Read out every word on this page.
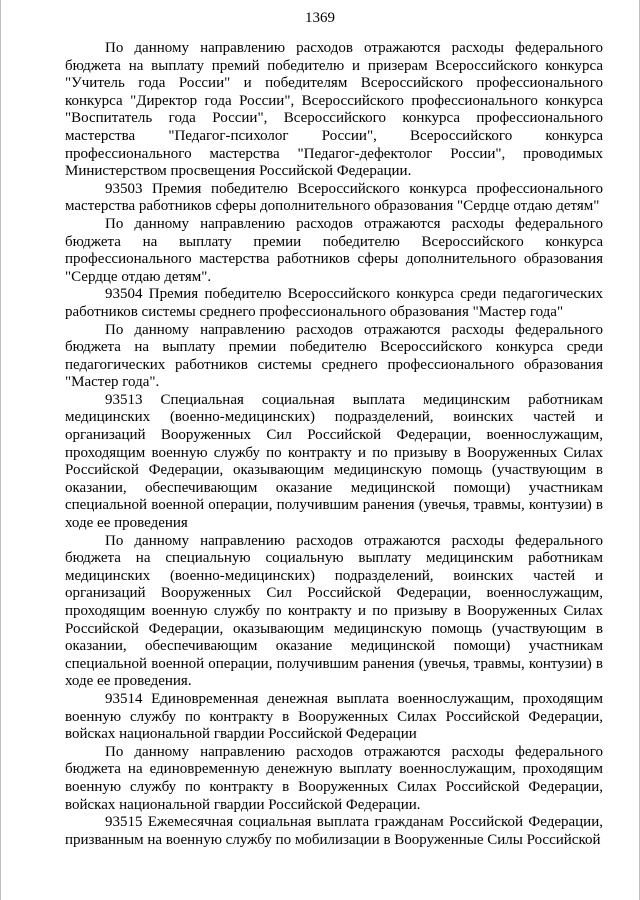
1369

По данному направлению расходов отражаются расходы федерального бюджета на выплату премий победителю и призерам Всероссийского конкурса "Учитель года России" и победителям Всероссийского профессионального конкурса "Директор года России", Всероссийского профессионального конкурса "Воспитатель года России", Всероссийского конкурса профессионального мастерства "Педагог-психолог России", Всероссийского конкурса профессионального мастерства "Педагог-дефектолог России", проводимых Министерством просвещения Российской Федерации.

93503 Премия победителю Всероссийского конкурса профессионального мастерства работников сферы дополнительного образования "Сердце отдаю детям"

По данному направлению расходов отражаются расходы федерального бюджета на выплату премии победителю Всероссийского конкурса профессионального мастерства работников сферы дополнительного образования "Сердце отдаю детям".

93504 Премия победителю Всероссийского конкурса среди педагогических работников системы среднего профессионального образования "Мастер года"

По данному направлению расходов отражаются расходы федерального бюджета на выплату премии победителю Всероссийского конкурса среди педагогических работников системы среднего профессионального образования "Мастер года".

93513 Специальная социальная выплата медицинским работникам медицинских (военно-медицинских) подразделений, воинских частей и организаций Вооруженных Сил Российской Федерации, военнослужащим, проходящим военную службу по контракту и по призыву в Вооруженных Силах Российской Федерации, оказывающим медицинскую помощь (участвующим в оказании, обеспечивающим оказание медицинской помощи) участникам специальной военной операции, получившим ранения (увечья, травмы, контузии) в ходе ее проведения

По данному направлению расходов отражаются расходы федерального бюджета на специальную социальную выплату медицинским работникам медицинских (военно-медицинских) подразделений, воинских частей и организаций Вооруженных Сил Российской Федерации, военнослужащим, проходящим военную службу по контракту и по призыву в Вооруженных Силах Российской Федерации, оказывающим медицинскую помощь (участвующим в оказании, обеспечивающим оказание медицинской помощи) участникам специальной военной операции, получившим ранения (увечья, травмы, контузии) в ходе ее проведения.

93514 Единовременная денежная выплата военнослужащим, проходящим военную службу по контракту в Вооруженных Силах Российской Федерации, войсках национальной гвардии Российской Федерации

По данному направлению расходов отражаются расходы федерального бюджета на единовременную денежную выплату военнослужащим, проходящим военную службу по контракту в Вооруженных Силах Российской Федерации, войсках национальной гвардии Российской Федерации.

93515 Ежемесячная социальная выплата гражданам Российской Федерации, призванным на военную службу по мобилизации в Вооруженные Силы Российской
